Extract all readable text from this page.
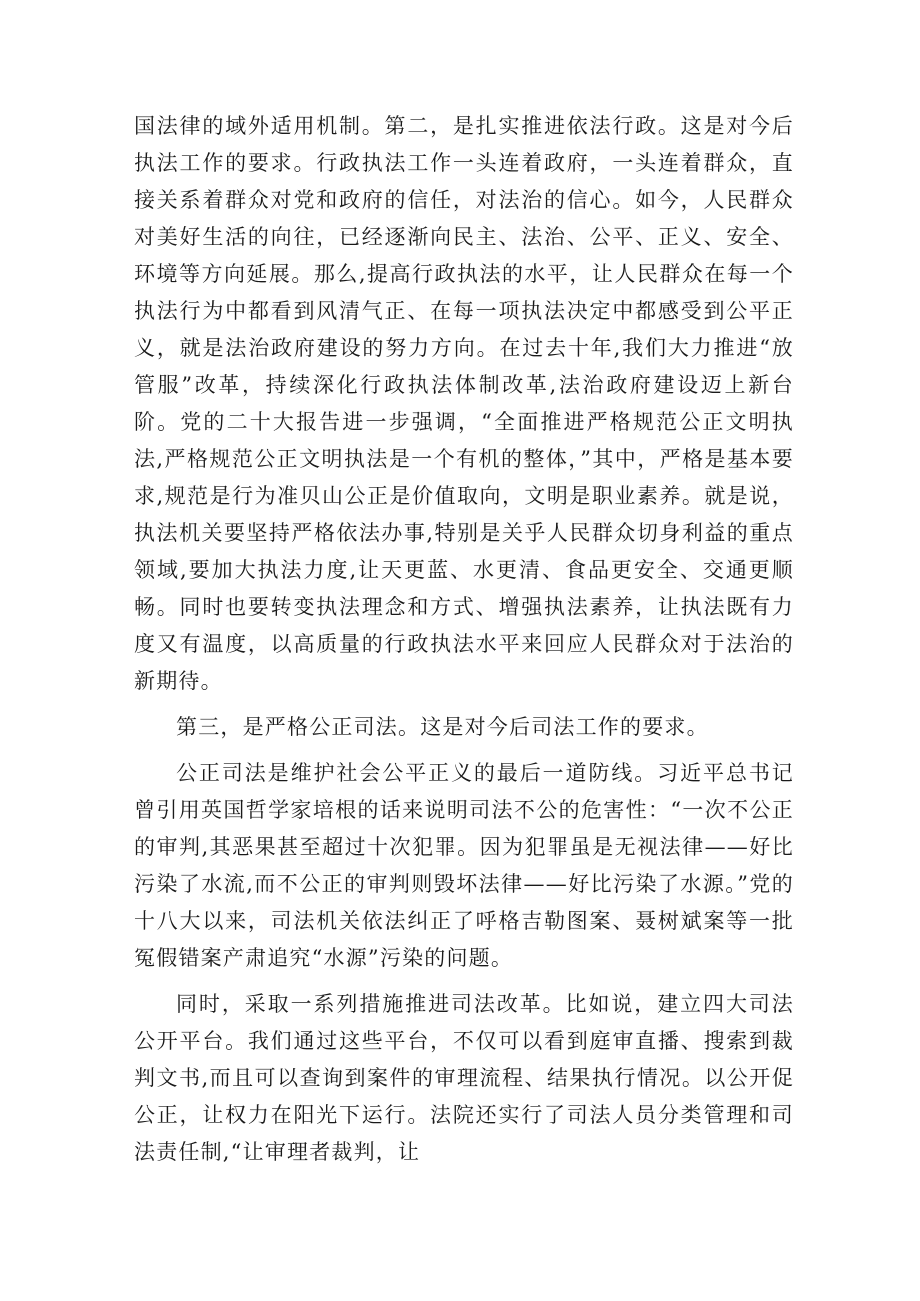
国法律的域外适用机制。第二，是扎实推进依法行政。这是对今后执法工作的要求。行政执法工作一头连着政府，一头连着群众，直接关系着群众对党和政府的信任，对法治的信心。如今，人民群众对美好生活的向往，已经逐渐向民主、法治、公平、正义、安全、环境等方向延展。那么,提高行政执法的水平，让人民群众在每一个执法行为中都看到风清气正、在每一项执法决定中都感受到公平正义，就是法治政府建设的努力方向。在过去十年,我们大力推进“放管服”改革，持续深化行政执法体制改革,法治政府建设迈上新台阶。党的二十大报告进一步强调，“全面推进严格规范公正文明执法,严格规范公正文明执法是一个有机的整体，”其中，严格是基本要求,规范是行为准贝山公正是价值取向，文明是职业素养。就是说，执法机关要坚持严格依法办事,特别是关乎人民群众切身利益的重点领域,要加大执法力度,让天更蓝、水更清、食品更安全、交通更顺畅。同时也要转变执法理念和方式、增强执法素养，让执法既有力度又有温度，以高质量的行政执法水平来回应人民群众对于法治的新期待。

第三，是严格公正司法。这是对今后司法工作的要求。

公正司法是维护社会公平正义的最后一道防线。习近平总书记曾引用英国哲学家培根的话来说明司法不公的危害性：“一次不公正的审判,其恶果甚至超过十次犯罪。因为犯罪虽是无视法律——好比污染了水流,而不公正的审判则毁坏法律——好比污染了水源。”党的十八大以来，司法机关依法纠正了呼格吉勒图案、聂树斌案等一批冤假错案产肃追究“水源”污染的问题。

同时，采取一系列措施推进司法改革。比如说，建立四大司法公开平台。我们通过这些平台，不仅可以看到庭审直播、搜索到裁判文书,而且可以查询到案件的审理流程、结果执行情况。以公开促公正，让权力在阳光下运行。法院还实行了司法人员分类管理和司法责任制,“让审理者裁判，让
